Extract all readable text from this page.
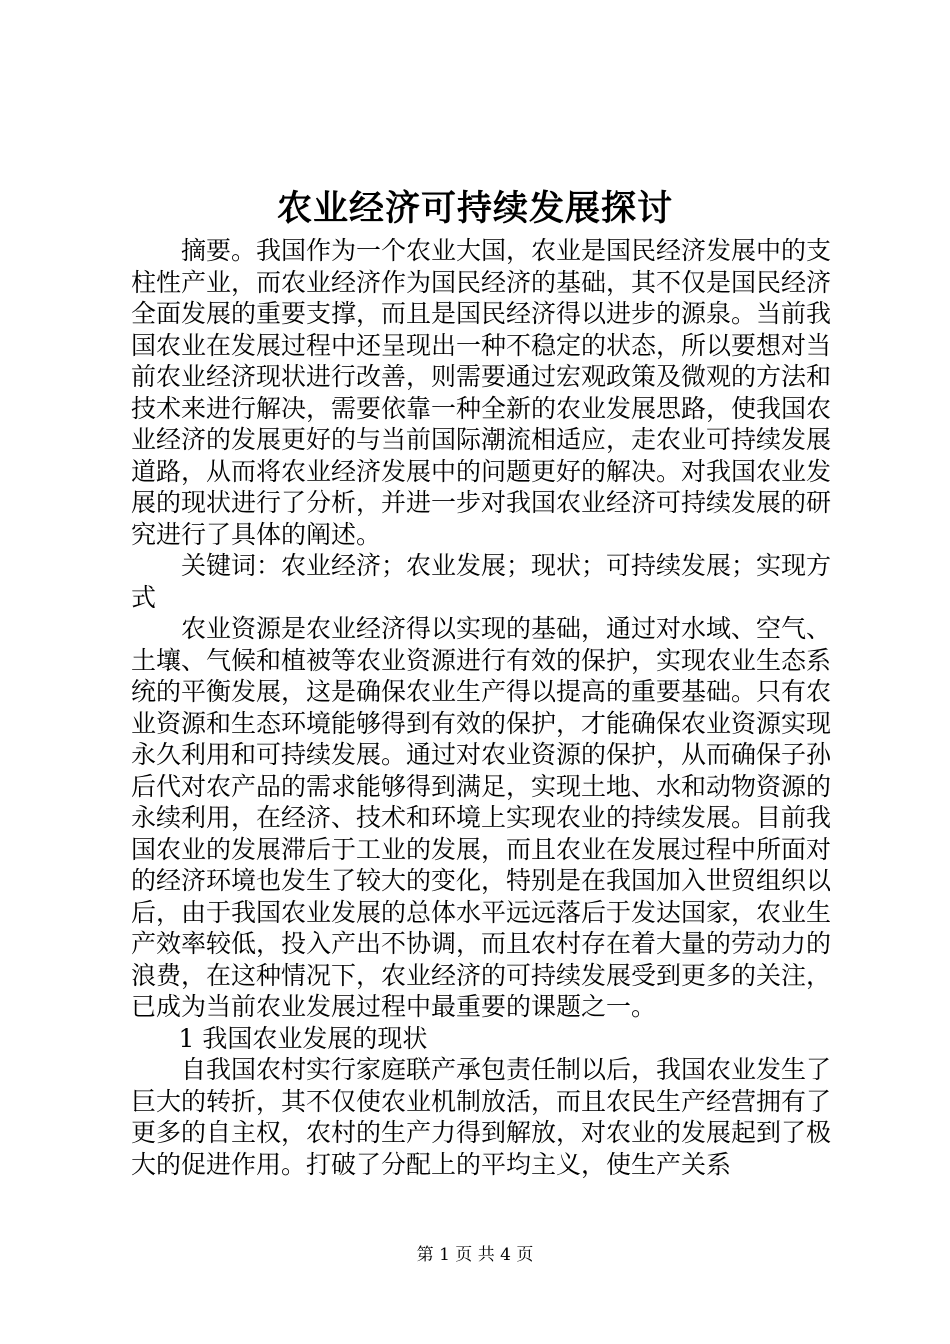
农业经济可持续发展探讨

摘要。我国作为一个农业大国，农业是国民经济发展中的支柱性产业，而农业经济作为国民经济的基础，其不仅是国民经济全面发展的重要支撑，而且是国民经济得以进步的源泉。当前我国农业在发展过程中还呈现出一种不稳定的状态，所以要想对当前农业经济现状进行改善，则需要通过宏观政策及微观的方法和技术来进行解决，需要依靠一种全新的农业发展思路，使我国农业经济的发展更好的与当前国际潮流相适应，走农业可持续发展道路，从而将农业经济发展中的问题更好的解决。对我国农业发展的现状进行了分析，并进一步对我国农业经济可持续发展的研究进行了具体的阐述。

关键词：农业经济；农业发展；现状；可持续发展；实现方式

农业资源是农业经济得以实现的基础，通过对水域、空气、土壤、气候和植被等农业资源进行有效的保护，实现农业生态系统的平衡发展，这是确保农业生产得以提高的重要基础。只有农业资源和生态环境能够得到有效的保护，才能确保农业资源实现永久利用和可持续发展。通过对农业资源的保护，从而确保子孙后代对农产品的需求能够得到满足，实现土地、水和动物资源的永续利用，在经济、技术和环境上实现农业的持续发展。目前我国农业的发展滞后于工业的发展，而且农业在发展过程中所面对的经济环境也发生了较大的变化，特别是在我国加入世贸组织以后，由于我国农业发展的总体水平远远落后于发达国家，农业生产效率较低，投入产出不协调，而且农村存在着大量的劳动力的浪费，在这种情况下，农业经济的可持续发展受到更多的关注，已成为当前农业发展过程中最重要的课题之一。

1 我国农业发展的现状

自我国农村实行家庭联产承包责任制以后，我国农业发生了巨大的转折，其不仅使农业机制放活，而且农民生产经营拥有了更多的自主权，农村的生产力得到解放，对农业的发展起到了极大的促进作用。打破了分配上的平均主义，使生产关系

第 1 页 共 4 页
